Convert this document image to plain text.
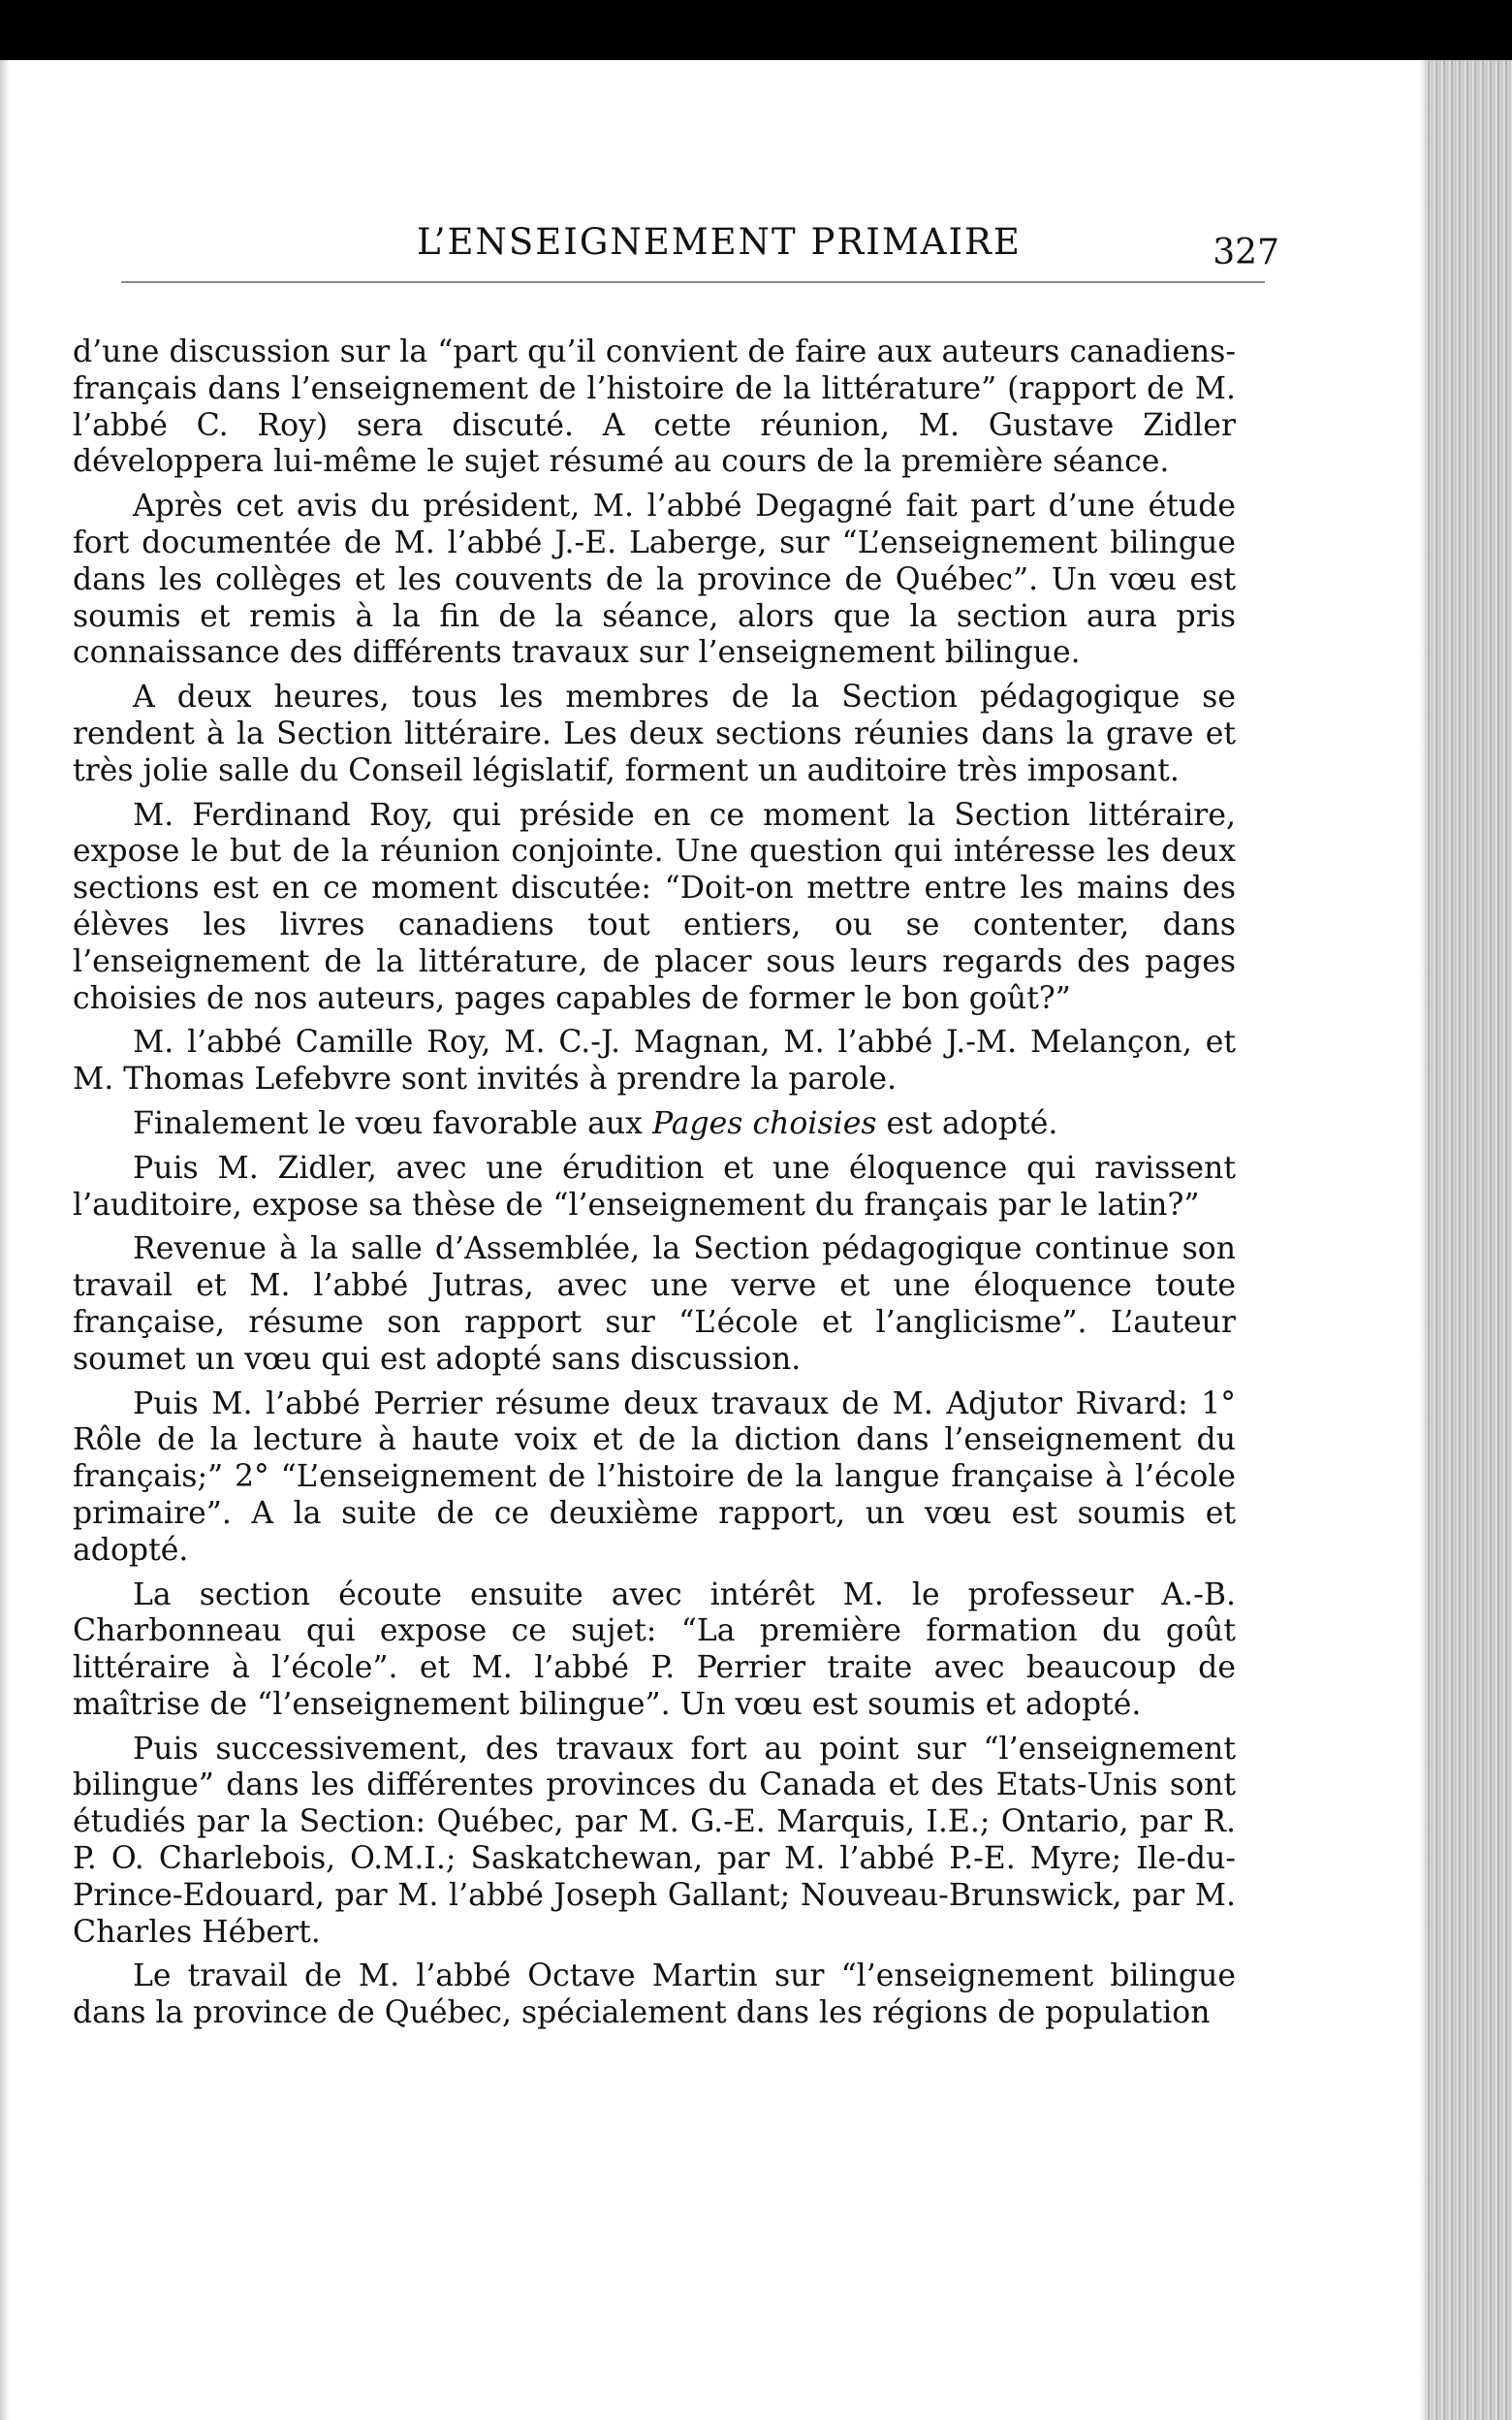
L’ENSEIGNEMENT PRIMAIRE	327

d’une discussion sur la “part qu’il convient de faire aux auteurs canadiens-français dans l’enseignement de l’histoire de la littérature” (rapport de M. l’abbé C. Roy) sera discuté. A cette réunion, M. Gustave Zidler développera lui-même le sujet résumé au cours de la première séance.

Après cet avis du président, M. l’abbé Degagné fait part d’une étude fort documentée de M. l’abbé J.-E. Laberge, sur “L’enseignement bilingue dans les collèges et les couvents de la province de Québec”. Un vœu est soumis et remis à la fin de la séance, alors que la section aura pris connaissance des différents travaux sur l’enseignement bilingue.

A deux heures, tous les membres de la Section pédagogique se rendent à la Section littéraire. Les deux sections réunies dans la grave et très jolie salle du Conseil législatif, forment un auditoire très imposant.

M. Ferdinand Roy, qui préside en ce moment la Section littéraire, expose le but de la réunion conjointe. Une question qui intéresse les deux sections est en ce moment discutée: “Doit-on mettre entre les mains des élèves les livres canadiens tout entiers, ou se contenter, dans l’enseignement de la littérature, de placer sous leurs regards des pages choisies de nos auteurs, pages capables de former le bon goût?”

M. l’abbé Camille Roy, M. C.-J. Magnan, M. l’abbé J.-M. Melançon, et M. Thomas Lefebvre sont invités à prendre la parole.

Finalement le vœu favorable aux Pages choisies est adopté.

Puis M. Zidler, avec une érudition et une éloquence qui ravissent l’auditoire, expose sa thèse de “l’enseignement du français par le latin?”

Revenue à la salle d’Assemblée, la Section pédagogique continue son travail et M. l’abbé Jutras, avec une verve et une éloquence toute française, résume son rapport sur “L’école et l’anglicisme”. L’auteur soumet un vœu qui est adopté sans discussion.

Puis M. l’abbé Perrier résume deux travaux de M. Adjutor Rivard: 1° Rôle de la lecture à haute voix et de la diction dans l’enseignement du français;” 2° “L’enseignement de l’histoire de la langue française à l’école primaire”. A la suite de ce deuxième rapport, un vœu est soumis et adopté.

La section écoute ensuite avec intérêt M. le professeur A.-B. Charbonneau qui expose ce sujet: “La première formation du goût littéraire à l’école”. et M. l’abbé P. Perrier traite avec beaucoup de maîtrise de “l’enseignement bilingue”. Un vœu est soumis et adopté.

Puis successivement, des travaux fort au point sur “l’enseignement bilingue” dans les différentes provinces du Canada et des Etats-Unis sont étudiés par la Section: Québec, par M. G.-E. Marquis, I.E.; Ontario, par R. P. O. Charlebois, O.M.I.; Saskatchewan, par M. l’abbé P.-E. Myre; Ile-du-Prince-Edouard, par M. l’abbé Joseph Gallant; Nouveau-Brunswick, par M. Charles Hébert.

Le travail de M. l’abbé Octave Martin sur “l’enseignement bilingue dans la province de Québec, spécialement dans les régions de population
